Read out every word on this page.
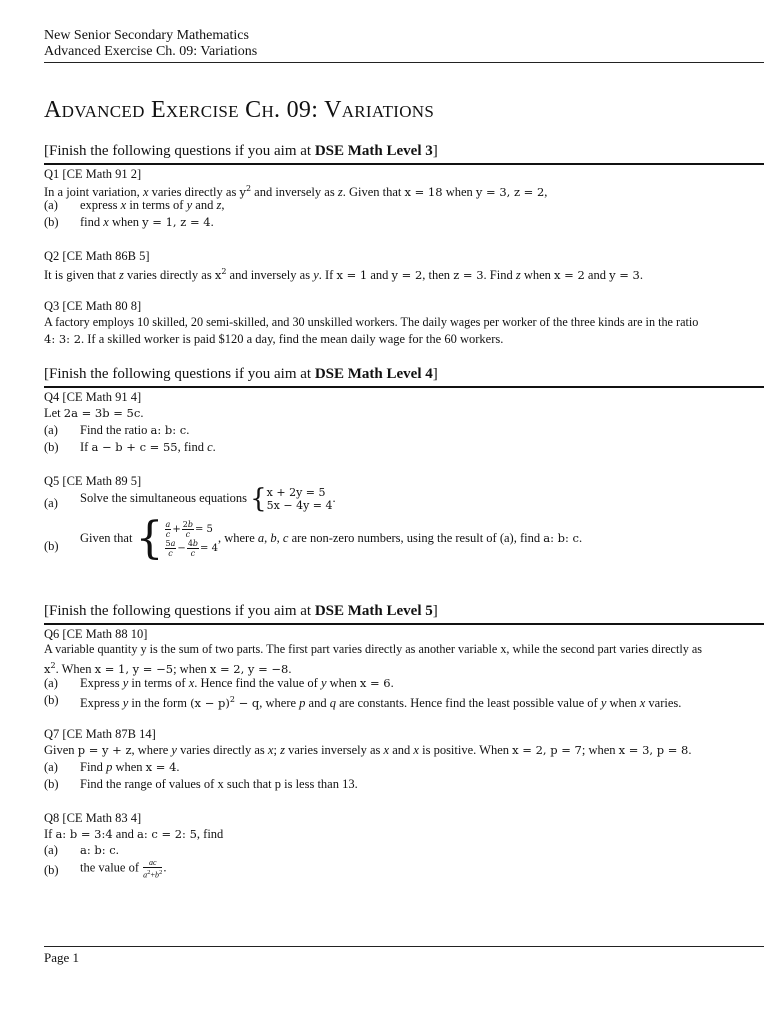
New Senior Secondary Mathematics
Advanced Exercise Ch. 09: Variations
Advanced Exercise Ch. 09: Variations
[Finish the following questions if you aim at DSE Math Level 3]
Q1 [CE Math 91 2]
In a joint variation, x varies directly as $y^2$ and inversely as z. Given that x = 18 when y = 3, z = 2,
(a) express x in terms of y and z,
(b) find x when y = 1, z = 4.
Q2 [CE Math 86B 5]
It is given that z varies directly as $x^2$ and inversely as y. If x = 1 and y = 2, then z = 3. Find z when x = 2 and y = 3.
Q3 [CE Math 80 8]
A factory employs 10 skilled, 20 semi-skilled, and 30 unskilled workers. The daily wages per worker of the three kinds are in the ratio
4: 3: 2. If a skilled worker is paid $120 a day, find the mean daily wage for the 60 workers.
[Finish the following questions if you aim at DSE Math Level 4]
Q4 [CE Math 91 4]
Let 2a = 3b = 5c.
(a) Find the ratio a: b: c.
(b) If a − b + c = 55, find c.
Q5 [CE Math 89 5]
(a) Solve the simultaneous equations {x + 2y = 5
5x − 4y = 4.
(b)
Given that { $\frac{a}{c} + \frac{2b}{c} = 5$

$\frac{5a}{c} - \frac{4b}{c} = 4$, where a, b, c are non-zero numbers, using the result of (a), find a: b: c.
[Finish the following questions if you aim at DSE Math Level 5]
Q6 [CE Math 88 10]
A variable quantity y is the sum of two parts. The first part varies directly as another variable x, while the second part varies directly as
$x^2$. When x = 1, y = −5; when x = 2, y = −8.
(a) Express y in terms of x. Hence find the value of y when x = 6.
(b) Express y in the form $(x - p)^2 - q$, where p and q are constants. Hence find the least possible value of y when x varies.
Q7 [CE Math 87B 14]
Given p = y + z, where y varies directly as x; z varies inversely as x and x is positive. When x = 2, p = 7; when x = 3, p = 8.
(a) Find p when x = 4.
(b) Find the range of values of x such that p is less than 13.
Q8 [CE Math 83 4]
If a: b = 3:4 and a: c = 2: 5, find
(a) a: b: c.
(b) the value of $\frac{ac}{a^2+b^2}$ .
Page 1
